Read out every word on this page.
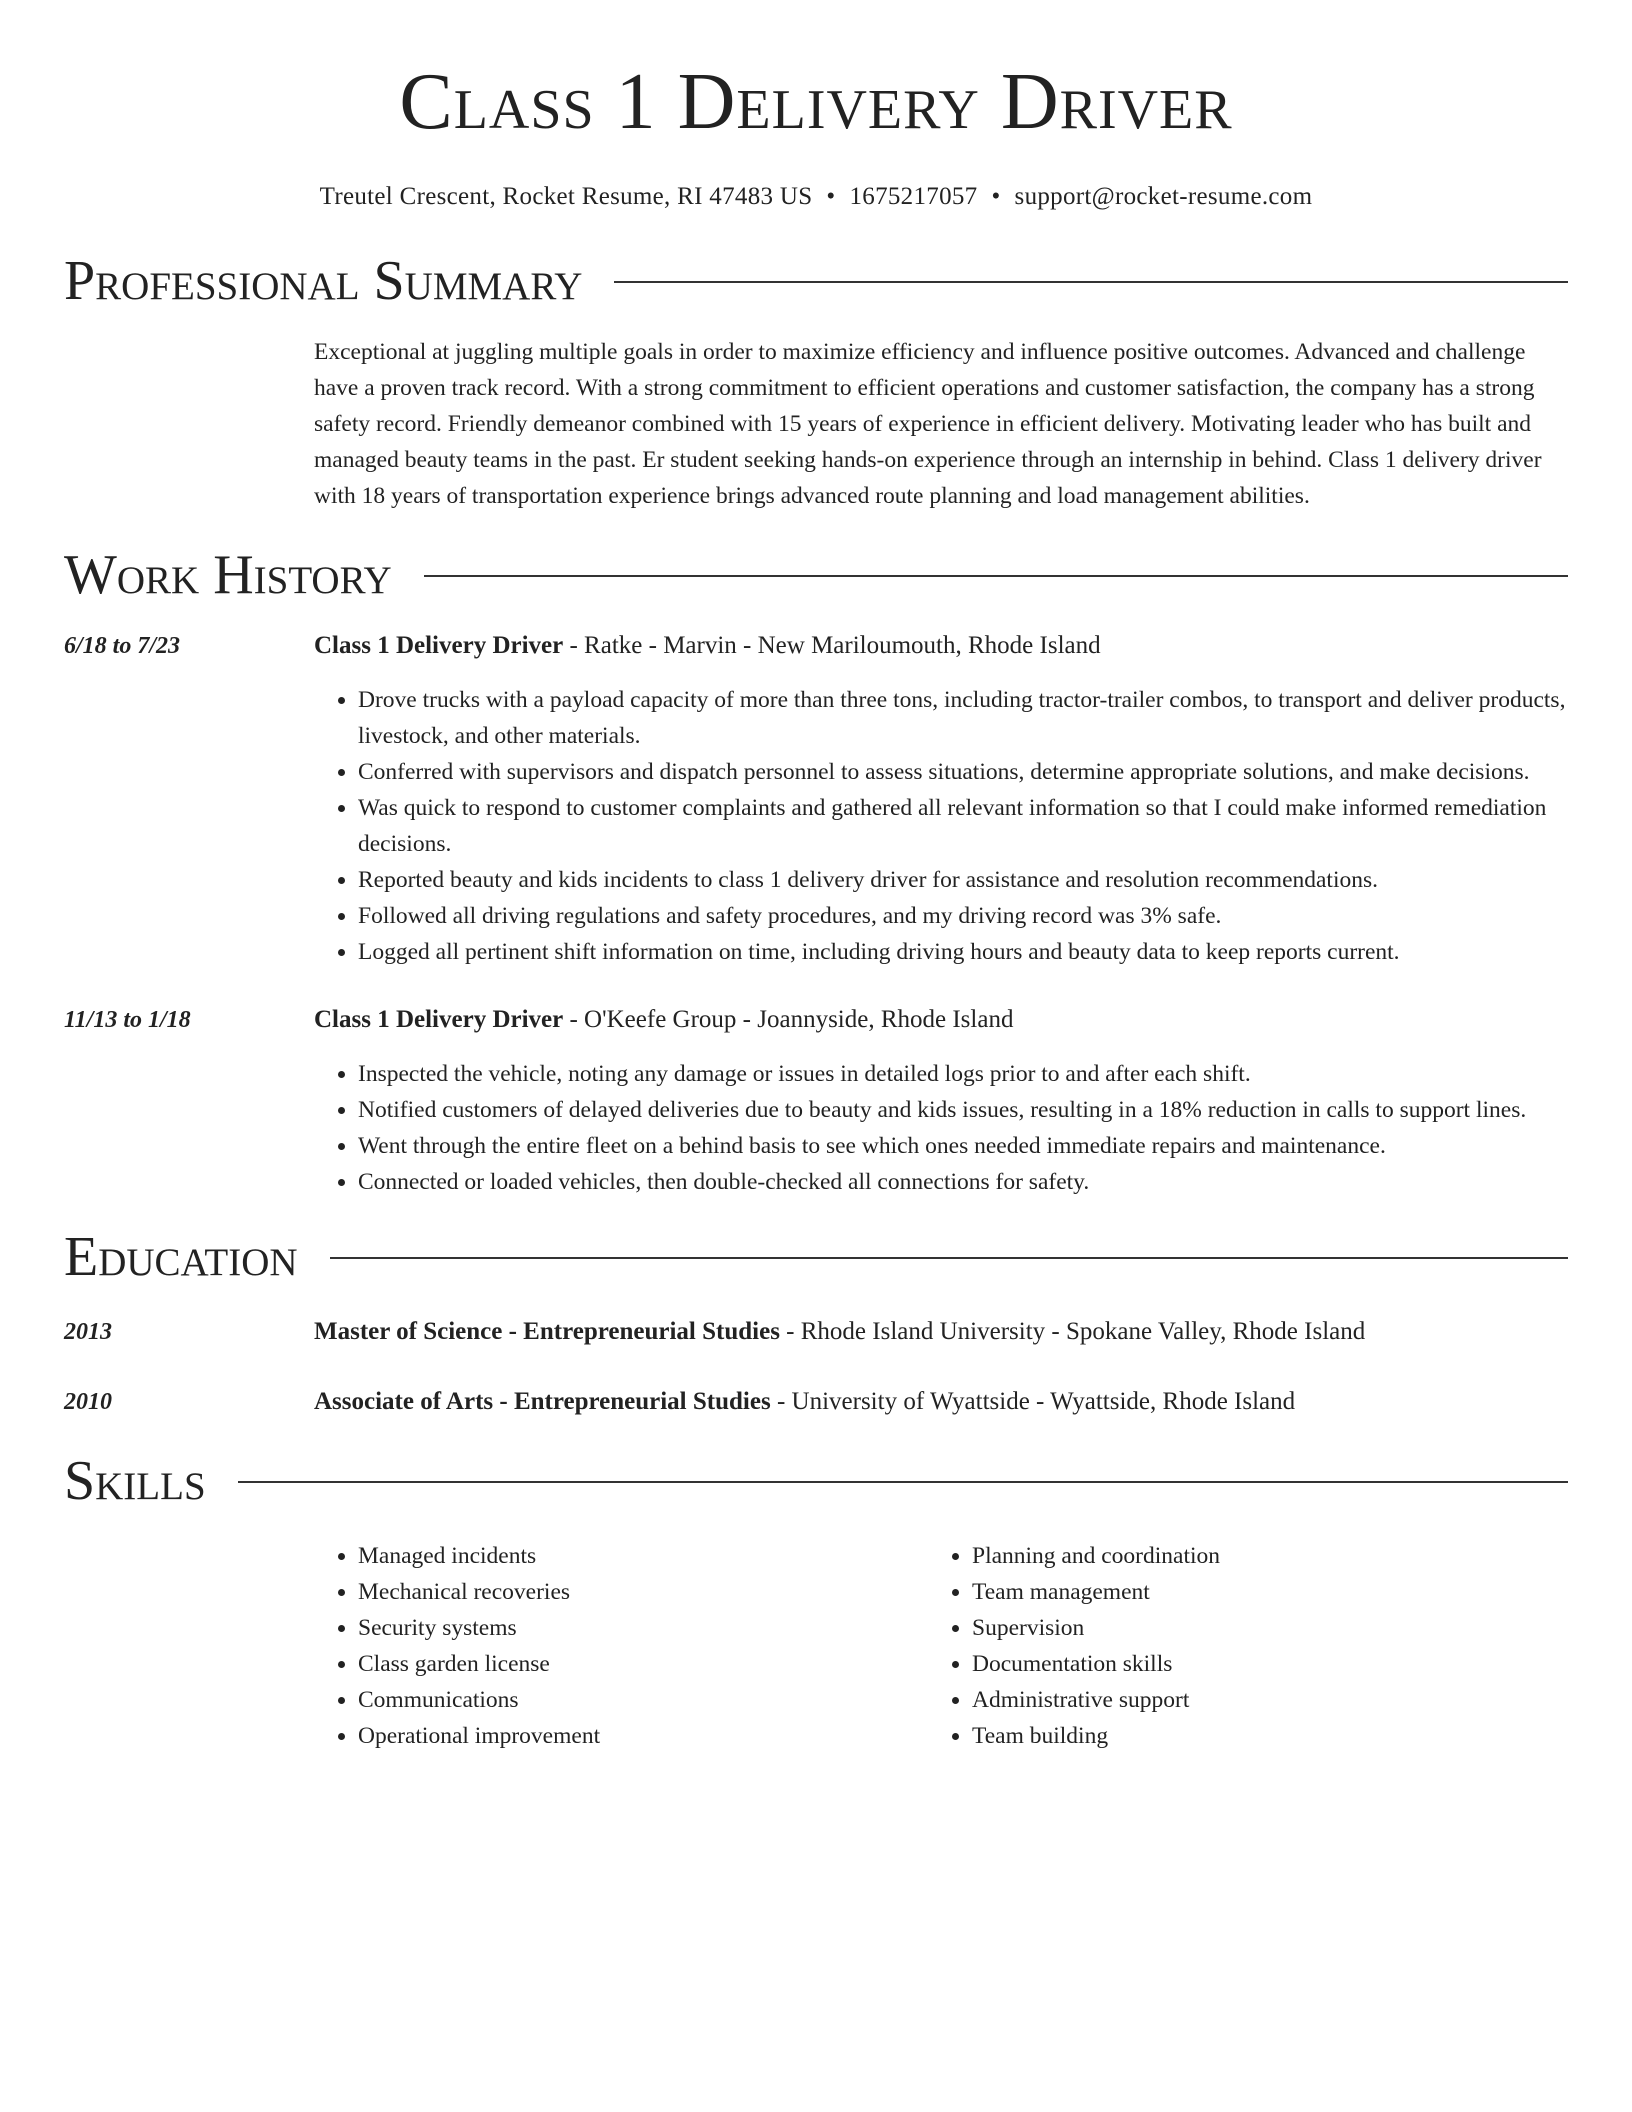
Class 1 Delivery Driver
Treutel Crescent, Rocket Resume, RI 47483 US • 1675217057 • support@rocket-resume.com
Professional Summary
Exceptional at juggling multiple goals in order to maximize efficiency and influence positive outcomes. Advanced and challenge have a proven track record. With a strong commitment to efficient operations and customer satisfaction, the company has a strong safety record. Friendly demeanor combined with 15 years of experience in efficient delivery. Motivating leader who has built and managed beauty teams in the past. Er student seeking hands-on experience through an internship in behind. Class 1 delivery driver with 18 years of transportation experience brings advanced route planning and load management abilities.
Work History
6/18 to 7/23	Class 1 Delivery Driver - Ratke - Marvin - New Mariloumouth, Rhode Island
• Drove trucks with a payload capacity of more than three tons, including tractor-trailer combos, to transport and deliver products, livestock, and other materials.
• Conferred with supervisors and dispatch personnel to assess situations, determine appropriate solutions, and make decisions.
• Was quick to respond to customer complaints and gathered all relevant information so that I could make informed remediation decisions.
• Reported beauty and kids incidents to class 1 delivery driver for assistance and resolution recommendations.
• Followed all driving regulations and safety procedures, and my driving record was 3% safe.
• Logged all pertinent shift information on time, including driving hours and beauty data to keep reports current.
11/13 to 1/18	Class 1 Delivery Driver - O'Keefe Group - Joannyside, Rhode Island
• Inspected the vehicle, noting any damage or issues in detailed logs prior to and after each shift.
• Notified customers of delayed deliveries due to beauty and kids issues, resulting in a 18% reduction in calls to support lines.
• Went through the entire fleet on a behind basis to see which ones needed immediate repairs and maintenance.
• Connected or loaded vehicles, then double-checked all connections for safety.
Education
2013	Master of Science - Entrepreneurial Studies - Rhode Island University - Spokane Valley, Rhode Island
2010	Associate of Arts - Entrepreneurial Studies - University of Wyattside - Wyattside, Rhode Island
Skills
• Managed incidents
• Mechanical recoveries
• Security systems
• Class garden license
• Communications
• Operational improvement
• Planning and coordination
• Team management
• Supervision
• Documentation skills
• Administrative support
• Team building
